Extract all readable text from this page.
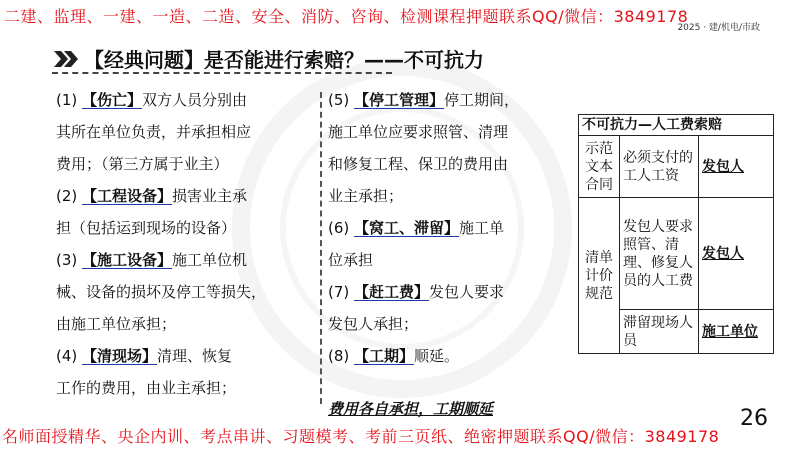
二建、监理、一建、一造、二造、安全、消防、咨询、检测课程押题联系QQ/微信：3849178
2025 · 建/机电/市政
【经典问题】是否能进行索赔？——不可抗力

(1) 【伤亡】双方人员分别由

其所在单位负责，并承担相应

费用；（第三方属于业主）

(2) 【工程设备】损害业主承

担（包括运到现场的设备）

(3) 【施工设备】施工单位机

械、设备的损坏及停工等损失，

由施工单位承担；

(4) 【清现场】清理、恢复

工作的费用，由业主承担；

(5) 【停工管理】停工期间，

施工单位应要求照管、清理

和修复工程、保卫的费用由

业主承担；

(6) 【窝工、滞留】施工单

位承担

(7) 【赶工费】发包人要求

发包人承担；

(8) 【工期】顺延。

费用各自承担，工期顺延
不可抗力—人工费索赔		
示范文本合同	必须支付的工人工资	发包人
清单计价规范	发包人要求照管、清理、修复人员的人工费	发包人
	滞留现场人员	施工单位
26
名师面授精华、央企内训、考点串讲、习题模考、考前三页纸、绝密押题联系QQ/微信：3849178
